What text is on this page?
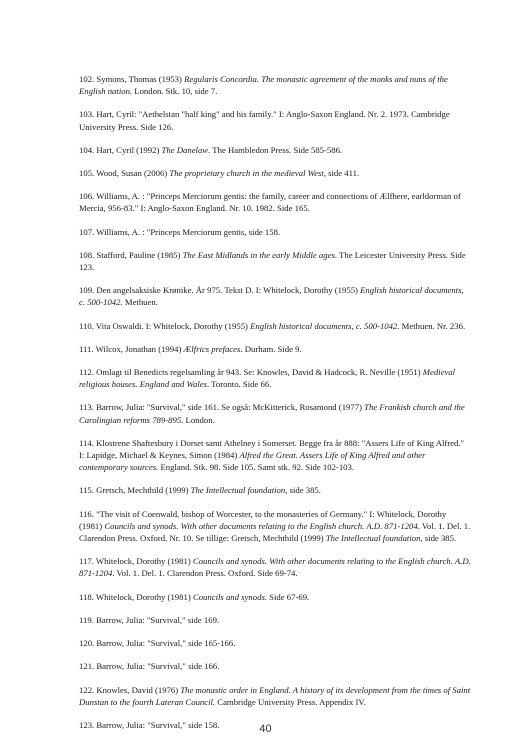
102. Symons, Thomas (1953) Regularis Concordia. The monastic agreement of the monks and nuns of the English nation. London. Stk. 10, side 7.

103. Hart, Cyril: "Aethelstan "half king" and his family." I: Anglo-Saxon England. Nr. 2. 1973. Cambridge University Press. Side 126.

104. Hart, Cyril (1992) The Danelaw. The Hambledon Press. Side 585-586.

105. Wood, Susan (2006) The proprietary church in the medieval West, side 411.

106. Williams, A. : "Princeps Merciorum gentis: the family, career and connections of Ælfhere, earldorman of Mercia, 956-83." I: Anglo-Saxon England. Nr. 10. 1982. Side 165.

107. Williams, A. : "Princeps Merciorum gentis, side 158.

108. Stafford, Pauline (1985) The East Midlands in the early Middle ages. The Leicester University Press. Side 123.

109. Den angelsaksiske Krønike. År 975. Tekst D. I: Whitelock, Dorothy (1955) English historical documents, c. 500-1042. Methuen.

110. Vita Oswaldi. I: Whitelock, Dorothy (1955) English historical documents, c. 500-1042. Methuen. Nr. 236.

111. Wilcox, Jonathan (1994) Ælfrics prefaces. Durham. Side 9.

112. Omlagt til Benedicts regelsamling år 943. Se: Knowles, David & Hadcock, R. Neville (1951) Medieval religious houses. England and Wales. Toronto. Side 66.

113. Barrow, Julia: "Survival," side 161. Se også: McKitterick, Rosamond (1977) The Frankish church and the Carolingian reforms 789-895. London.

114. Klostrene Shaftesbury i Dorset samt Athelney i Somerset. Begge fra år 888: "Assers Life of King Alfred." I: Lapidge, Michael & Keynes, Simon (1984) Alfred the Great. Assers Life of King Alfred and other contemporary sources. England. Stk. 98. Side 105. Samt stk. 92. Side 102-103.

115. Gretsch, Mechthild (1999) The Intellectual foundation, side 385.

116. "The visit of Coenwald, bishop of Worcester, to the monasteries of Germany." I: Whitelock, Dorothy (1981) Councils and synods. With other documents relating to the English church. A.D. 871-1204. Vol. 1. Del. 1. Clarendon Press. Oxford. Nr. 10. Se tillige: Gretsch, Mechthild (1999) The Intellectual foundation, side 385.

117. Whitelock, Dorothy (1981) Councils and synods. With other documents relating to the English church. A.D. 871-1204. Vol. 1. Del. 1. Clarendon Press. Oxford. Side 69-74.

118. Whitelock, Dorothy (1981) Councils and synods. Side 67-69.

119. Barrow, Julia: "Survival," side 169.

120. Barrow, Julia: "Survival," side 165-166.

121. Barrow, Julia: "Survival," side 166.

122. Knowles, David (1976) The monastic order in England. A history of its development from the times of Saint Dunstan to the fourth Lateran Council. Cambridge University Press. Appendix IV.

123. Barrow, Julia: "Survival," side 158.	40
